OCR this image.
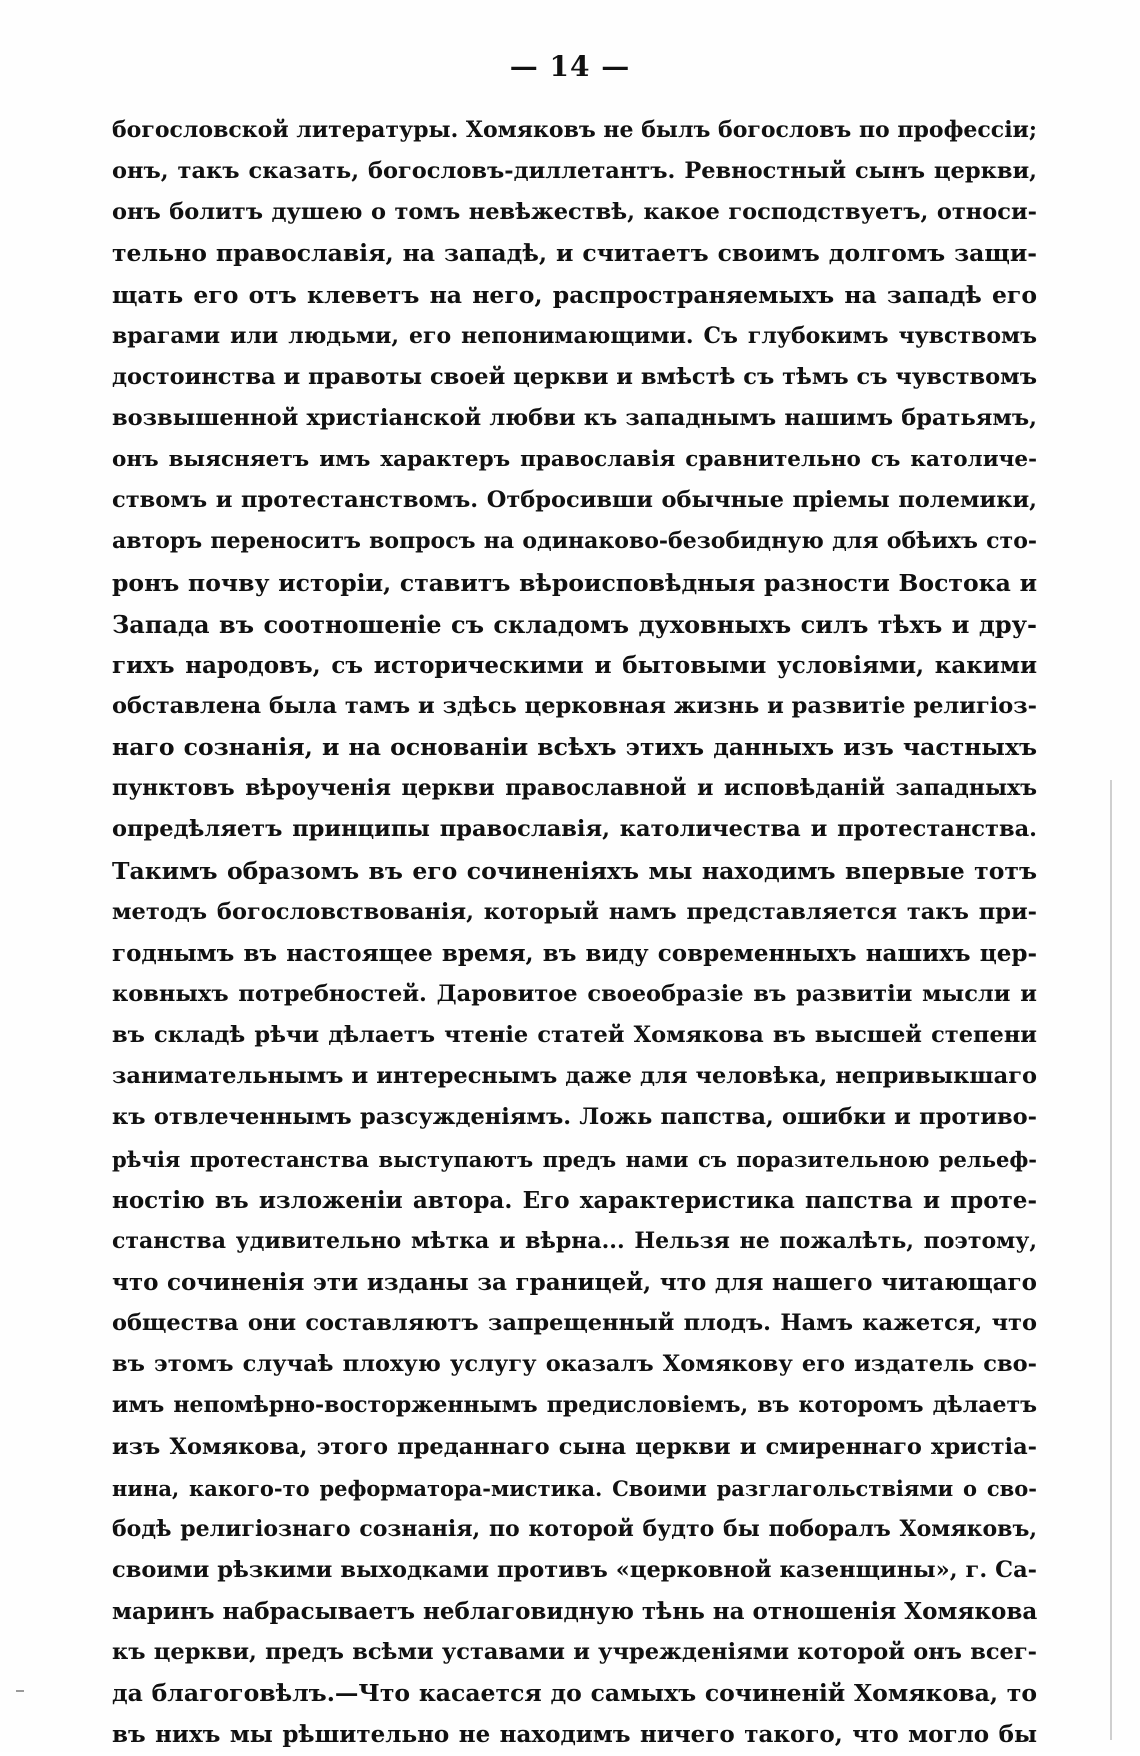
— 14 —
богословской литературы. Хомяковъ не былъ богословъ по профессiи;
онъ, такъ сказать, богословъ-диллетантъ. Ревностный сынъ церкви,
онъ болитъ душею о томъ невѣжествѣ, какое господствуетъ, относи-
тельно православiя, на западѣ, и считаетъ своимъ долгомъ защи-
щать его отъ клеветъ на него, распространяемыхъ на западѣ его
врагами или людьми, его непонимающими. Съ глубокимъ чувствомъ
достоинства и правоты своей церкви и вмѣстѣ съ тѣмъ съ чувствомъ
возвышенной христiанской любви къ западнымъ нашимъ братьямъ,
онъ выясняетъ имъ характеръ православiя сравнительно съ католиче-
ствомъ и протестанствомъ. Отбросивши обычные прiемы полемики,
авторъ переноситъ вопросъ на одинаково-безобидную для обѣихъ сто-
ронъ почву исторiи, ставитъ вѣроисповѣдныя разности Востока и
Запада въ соотношенiе съ складомъ духовныхъ силъ тѣхъ и дру-
гихъ народовъ, съ историческими и бытовыми условiями, какими
обставлена была тамъ и здѣсь церковная жизнь и развитiе религiоз-
наго сознанiя, и на основанiи всѣхъ этихъ данныхъ изъ частныхъ
пунктовъ вѣроученiя церкви православной и исповѣданiй западныхъ
опредѣляетъ принципы православiя, католичества и протестанства.
Такимъ образомъ въ его сочиненiяхъ мы находимъ впервые тотъ
методъ богословствованiя, который намъ представляется такъ при-
годнымъ въ настоящее время, въ виду современныхъ нашихъ цер-
ковныхъ потребностей. Даровитое своеобразiе въ развитiи мысли и
въ складѣ рѣчи дѣлаетъ чтенiе статей Хомякова въ высшей степени
занимательнымъ и интереснымъ даже для человѣка, непривыкшаго
къ отвлеченнымъ разсужденiямъ. Ложь папства, ошибки и противо-
рѣчiя протестанства выступаютъ предъ нами съ поразительною рельеф-
ностiю въ изложенiи автора. Его характеристика папства и проте-
станства удивительно мѣтка и вѣрна... Нельзя не пожалѣть, поэтому,
что сочиненiя эти изданы за границей, что для нашего читающаго
общества они составляютъ запрещенный плодъ. Намъ кажется, что
въ этомъ случаѣ плохую услугу оказалъ Хомякову его издатель сво-
имъ непомѣрно-восторженнымъ предисловiемъ, въ которомъ дѣлаетъ
изъ Хомякова, этого преданнаго сына церкви и смиреннаго христiа-
нина, какого-то реформатора-мистика. Своими разглагольствiями о сво-
бодѣ религiознаго сознанiя, по которой будто бы поборалъ Хомяковъ,
своими рѣзкими выходками противъ «церковной казенщины», г. Са-
маринъ набрасываетъ неблаговидную тѣнь на отношенiя Хомякова
къ церкви, предъ всѣми уставами и учрежденiями которой онъ всег-
да благоговѣлъ.—Что касается до самыхъ сочиненiй Хомякова, то
въ нихъ мы рѣшительно не находимъ ничего такого, что могло бы
